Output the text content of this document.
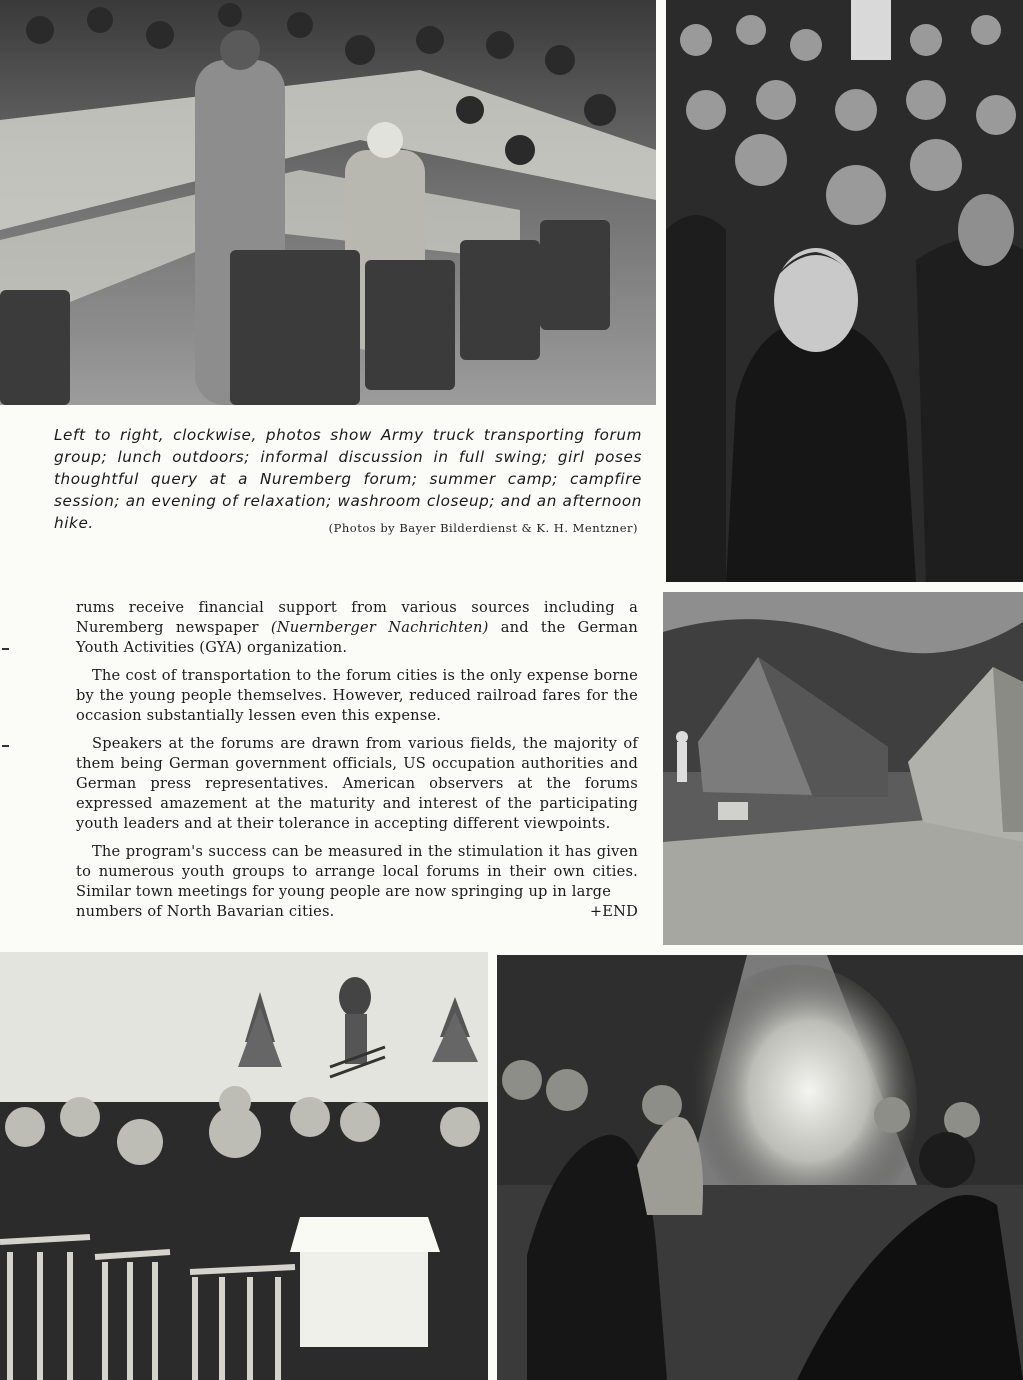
Left to right, clockwise, photos show Army truck transporting forum group; lunch outdoors; informal discussion in full swing; girl poses thoughtful query at a Nuremberg forum; summer camp; campfire session; an evening of relaxation; washroom closeup; and an afternoon hike.	(Photos by Bayer Bilderdienst & K. H. Mentzner)

rums receive financial support from various sources including a Nuremberg newspaper (Nuernberger Nachrichten) and the German Youth Activities (GYA) organization.

The cost of transportation to the forum cities is the only expense borne by the young people themselves. However, reduced railroad fares for the occasion substantially lessen even this expense.

Speakers at the forums are drawn from various fields, the majority of them being German government officials, US occupation authorities and German press representatives. American observers at the forums expressed amazement at the maturity and interest of the participating youth leaders and at their tolerance in accepting different viewpoints.

The program's success can be measured in the stimulation it has given to numerous youth groups to arrange local forums in their own cities. Similar town meetings for young people are now springing up in large

numbers of North Bavarian cities.	+END
